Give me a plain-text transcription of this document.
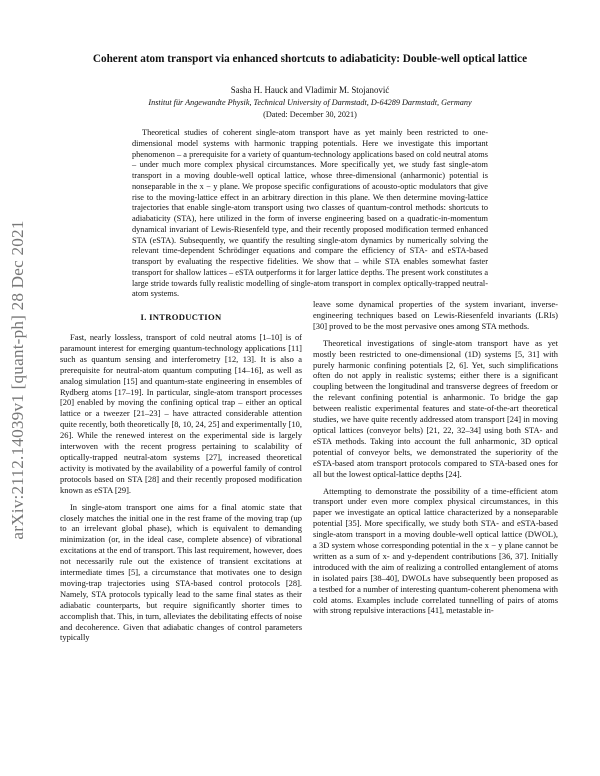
arXiv:2112.14039v1 [quant-ph] 28 Dec 2021
Coherent atom transport via enhanced shortcuts to adiabaticity: Double-well optical lattice
Sasha H. Hauck and Vladimir M. Stojanović
Institut für Angewandte Physik, Technical University of Darmstadt, D-64289 Darmstadt, Germany
(Dated: December 30, 2021)
Theoretical studies of coherent single-atom transport have as yet mainly been restricted to one-dimensional model systems with harmonic trapping potentials. Here we investigate this important phenomenon – a prerequisite for a variety of quantum-technology applications based on cold neutral atoms – under much more complex physical circumstances. More specifically yet, we study fast single-atom transport in a moving double-well optical lattice, whose three-dimensional (anharmonic) potential is nonseparable in the x − y plane. We propose specific configurations of acousto-optic modulators that give rise to the moving-lattice effect in an arbitrary direction in this plane. We then determine moving-lattice trajectories that enable single-atom transport using two classes of quantum-control methods: shortcuts to adiabaticity (STA), here utilized in the form of inverse engineering based on a quadratic-in-momentum dynamical invariant of Lewis-Riesenfeld type, and their recently proposed modification termed enhanced STA (eSTA). Subsequently, we quantify the resulting single-atom dynamics by numerically solving the relevant time-dependent Schrödinger equations and compare the efficiency of STA- and eSTA-based transport by evaluating the respective fidelities. We show that – while STA enables somewhat faster transport for shallow lattices – eSTA outperforms it for larger lattice depths. The present work constitutes a large stride towards fully realistic modelling of single-atom transport in complex optically-trapped neutral-atom systems.
I. INTRODUCTION

Fast, nearly lossless, transport of cold neutral atoms [1–10] is of paramount interest for emerging quantum-technology applications [11] such as quantum sensing and interferometry [12, 13]. It is also a prerequisite for neutral-atom quantum computing [14–16], as well as analog simulation [15] and quantum-state engineering in ensembles of Rydberg atoms [17–19]. In particular, single-atom transport processes [20] enabled by moving the confining optical trap – either an optical lattice or a tweezer [21–23] – have attracted considerable attention quite recently, both theoretically [8, 10, 24, 25] and experimentally [10, 26]. While the renewed interest on the experimental side is largely interwoven with the recent progress pertaining to scalability of optically-trapped neutral-atom systems [27], increased theoretical activity is motivated by the availability of a powerful family of control protocols based on STA [28] and their recently proposed modification known as eSTA [29].

In single-atom transport one aims for a final atomic state that closely matches the initial one in the rest frame of the moving trap (up to an irrelevant global phase), which is equivalent to demanding minimization (or, in the ideal case, complete absence) of vibrational excitations at the end of transport. This last requirement, however, does not necessarily rule out the existence of transient excitations at intermediate times [5], a circumstance that motivates one to design moving-trap trajectories using STA-based control protocols [28]. Namely, STA protocols typically lead to the same final states as their adiabatic counterparts, but require significantly shorter times to accomplish that. This, in turn, alleviates the debilitating effects of noise and decoherence. Given that adiabatic changes of control parameters typically

leave some dynamical properties of the system invariant, inverse-engineering techniques based on Lewis-Riesenfeld invariants (LRIs) [30] proved to be the most pervasive ones among STA methods.

Theoretical investigations of single-atom transport have as yet mostly been restricted to one-dimensional (1D) systems [5, 31] with purely harmonic confining potentials [2, 6]. Yet, such simplifications often do not apply in realistic systems; either there is a significant coupling between the longitudinal and transverse degrees of freedom or the relevant confining potential is anharmonic. To bridge the gap between realistic experimental features and state-of-the-art theoretical studies, we have quite recently addressed atom transport [24] in moving optical lattices (conveyor belts) [21, 22, 32–34] using both STA- and eSTA methods. Taking into account the full anharmonic, 3D optical potential of conveyor belts, we demonstrated the superiority of the eSTA-based atom transport protocols compared to STA-based ones for all but the lowest optical-lattice depths [24].

Attempting to demonstrate the possibility of a time-efficient atom transport under even more complex physical circumstances, in this paper we investigate an optical lattice characterized by a nonseparable potential [35]. More specifically, we study both STA- and eSTA-based single-atom transport in a moving double-well optical lattice (DWOL), a 3D system whose corresponding potential in the x − y plane cannot be written as a sum of x- and y-dependent contributions [36, 37]. Initially introduced with the aim of realizing a controlled entanglement of atoms in isolated pairs [38–40], DWOLs have subsequently been proposed as a testbed for a number of interesting quantum-coherent phenomena with cold atoms. Examples include correlated tunnelling of pairs of atoms with strong repulsive interactions [41], metastable in-
